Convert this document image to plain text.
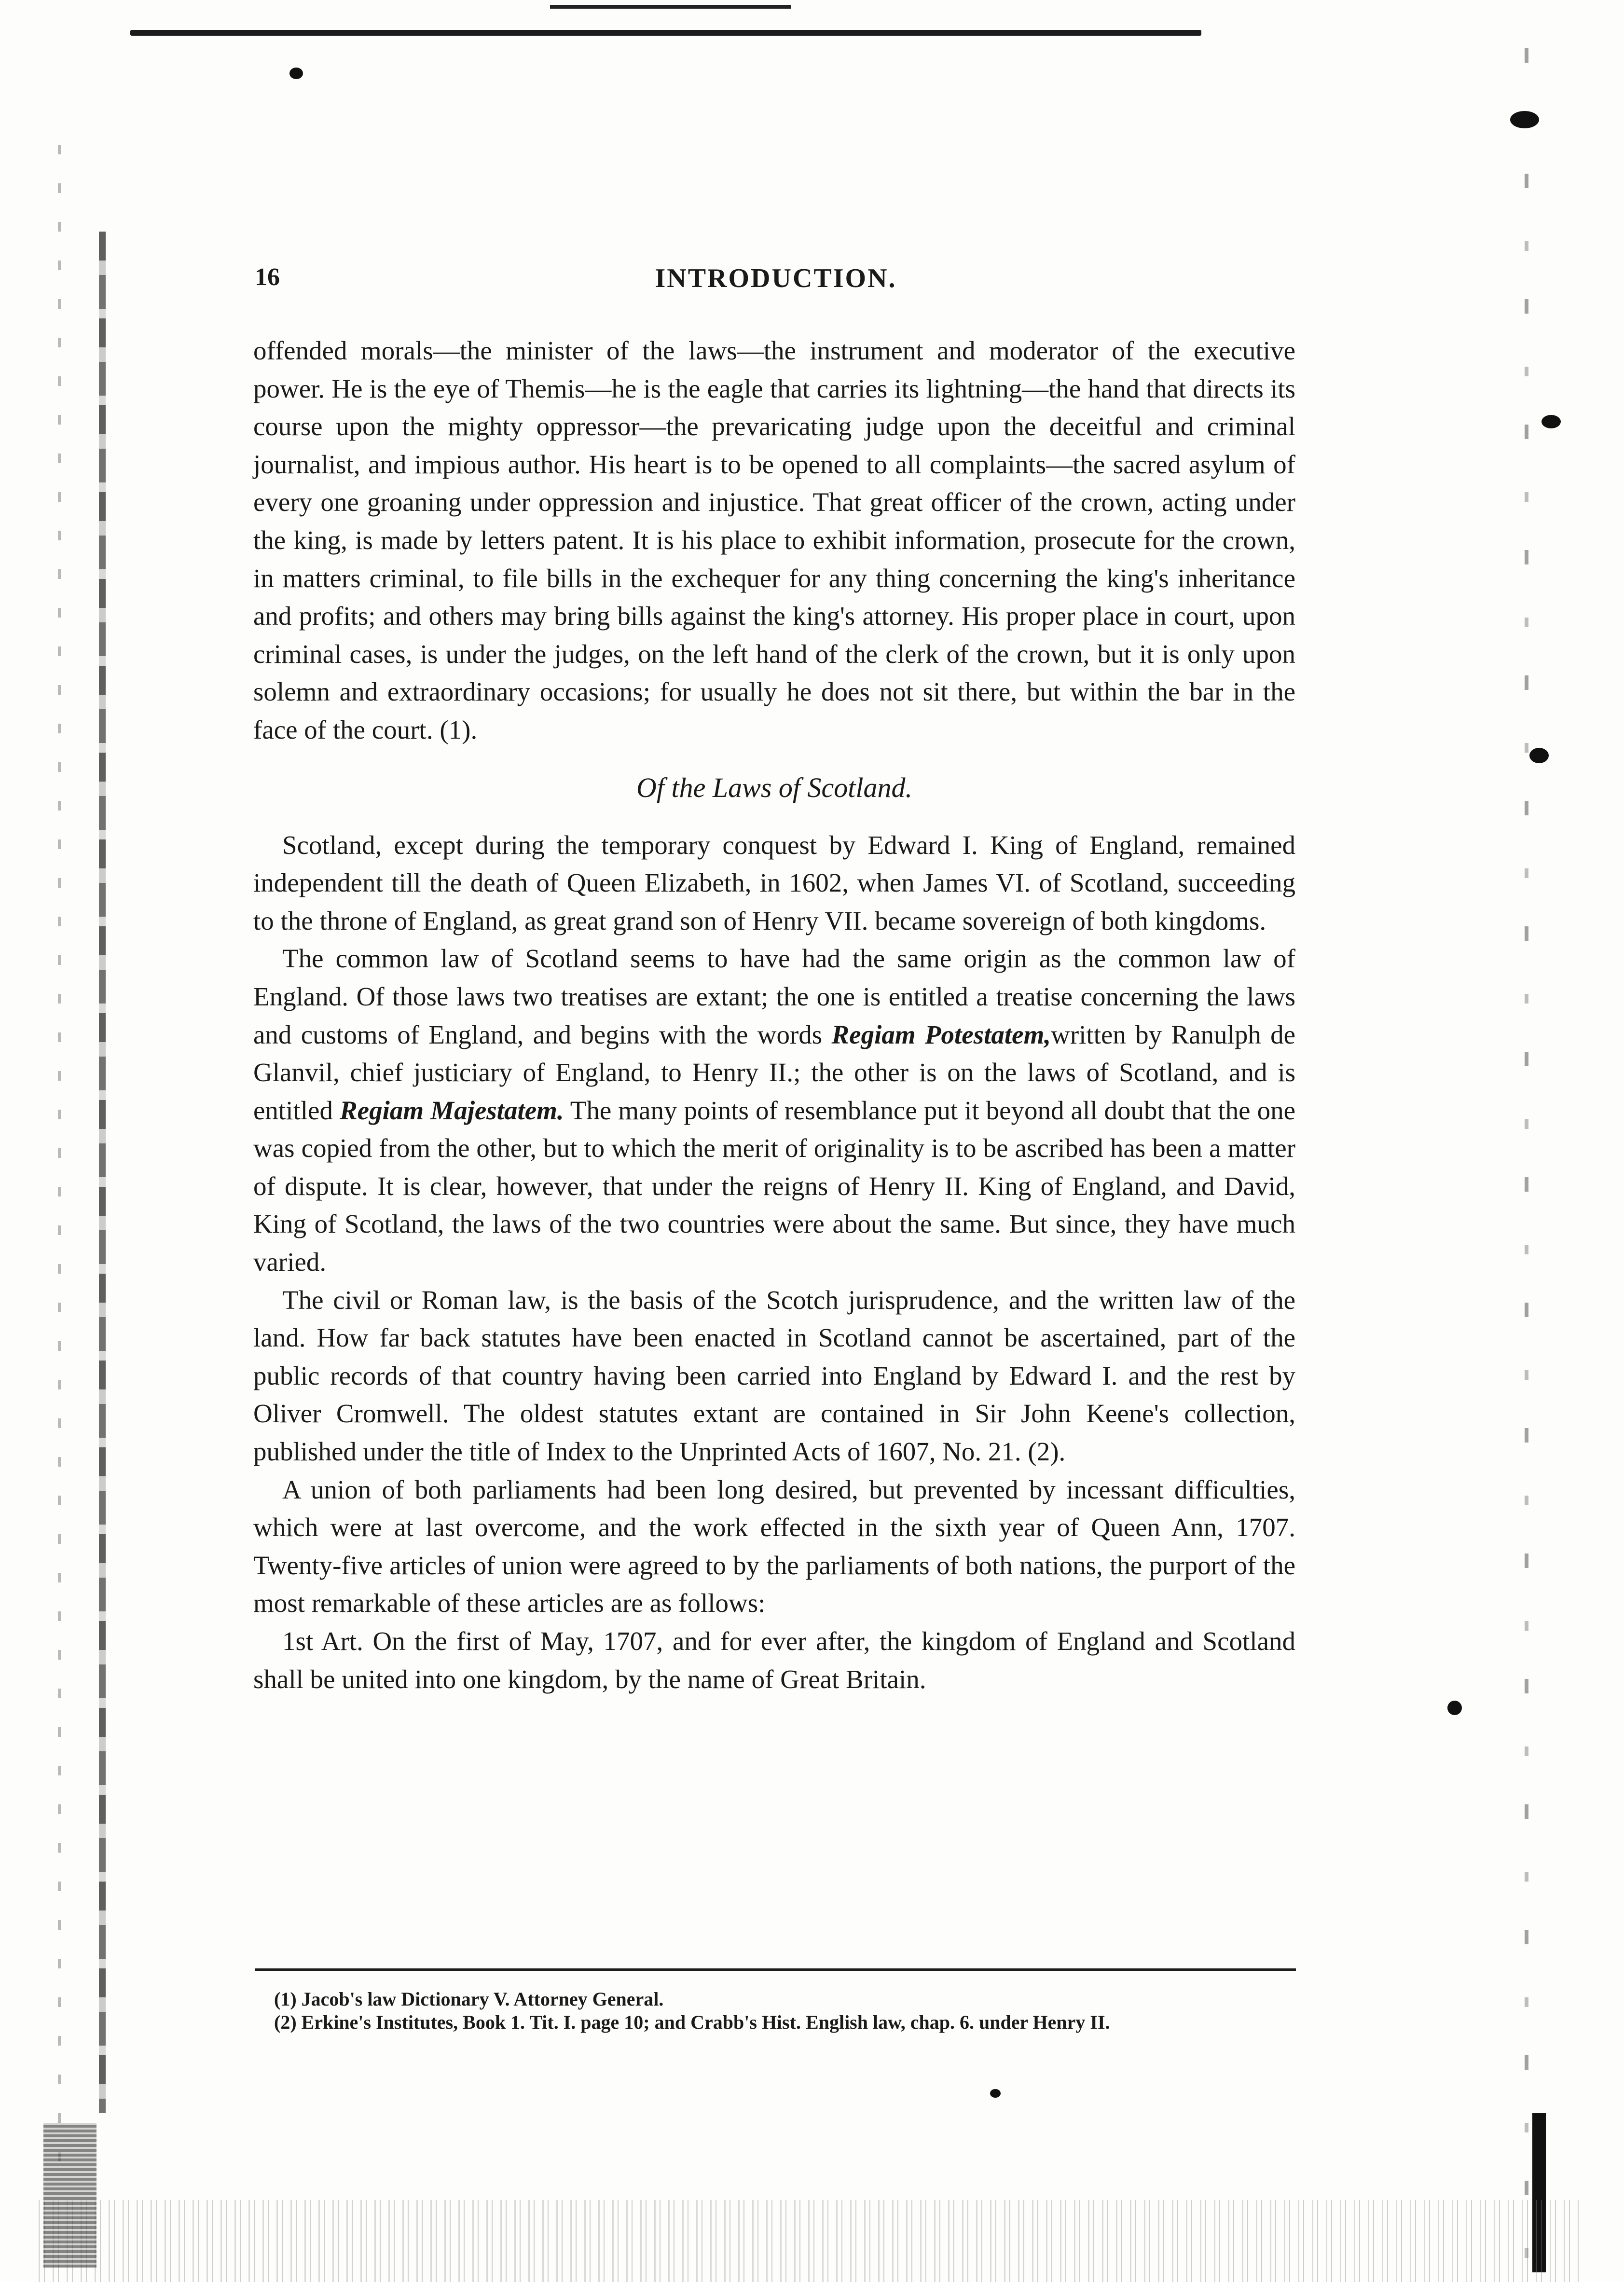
16	INTRODUCTION.

offended morals—the minister of the laws—the instrument and moderator of the executive power. He is the eye of Themis—he is the eagle that carries its lightning—the hand that directs its course upon the mighty oppressor—the prevaricating judge upon the deceitful and criminal journalist, and impious author. His heart is to be opened to all complaints—the sacred asylum of every one groaning under oppression and injustice. That great officer of the crown, acting under the king, is made by letters patent. It is his place to exhibit information, prosecute for the crown, in matters criminal, to file bills in the exchequer for any thing concerning the king's inheritance and profits; and others may bring bills against the king's attorney. His proper place in court, upon criminal cases, is under the judges, on the left hand of the clerk of the crown, but it is only upon solemn and extraordinary occasions; for usually he does not sit there, but within the bar in the face of the court. (1).

Of the Laws of Scotland.

Scotland, except during the temporary conquest by Edward I. King of England, remained independent till the death of Queen Elizabeth, in 1602, when James VI. of Scotland, succeeding to the throne of England, as great grand son of Henry VII. became sovereign of both kingdoms.

The common law of Scotland seems to have had the same origin as the common law of England. Of those laws two treatises are extant; the one is entitled a treatise concerning the laws and customs of England, and begins with the words Regiam Potestatem,written by Ranulph de Glanvil, chief justiciary of England, to Henry II.; the other is on the laws of Scotland, and is entitled Regiam Majestatem. The many points of resemblance put it beyond all doubt that the one was copied from the other, but to which the merit of originality is to be ascribed has been a matter of dispute. It is clear, however, that under the reigns of Henry II. King of England, and David, King of Scotland, the laws of the two countries were about the same. But since, they have much varied.

The civil or Roman law, is the basis of the Scotch jurisprudence, and the written law of the land. How far back statutes have been enacted in Scotland cannot be ascertained, part of the public records of that country having been carried into England by Edward I. and the rest by Oliver Cromwell. The oldest statutes extant are contained in Sir John Keene's collection, published under the title of Index to the Unprinted Acts of 1607, No. 21. (2).

A union of both parliaments had been long desired, but prevented by incessant difficulties, which were at last overcome, and the work effected in the sixth year of Queen Ann, 1707. Twenty-five articles of union were agreed to by the parliaments of both nations, the purport of the most remarkable of these articles are as follows:

1st Art. On the first of May, 1707, and for ever after, the kingdom of England and Scotland shall be united into one kingdom, by the name of Great Britain.

(1) Jacob's law Dictionary V. Attorney General.

(2) Erkine's Institutes, Book 1. Tit. I. page 10; and Crabb's Hist. English law, chap. 6. under Henry II.
